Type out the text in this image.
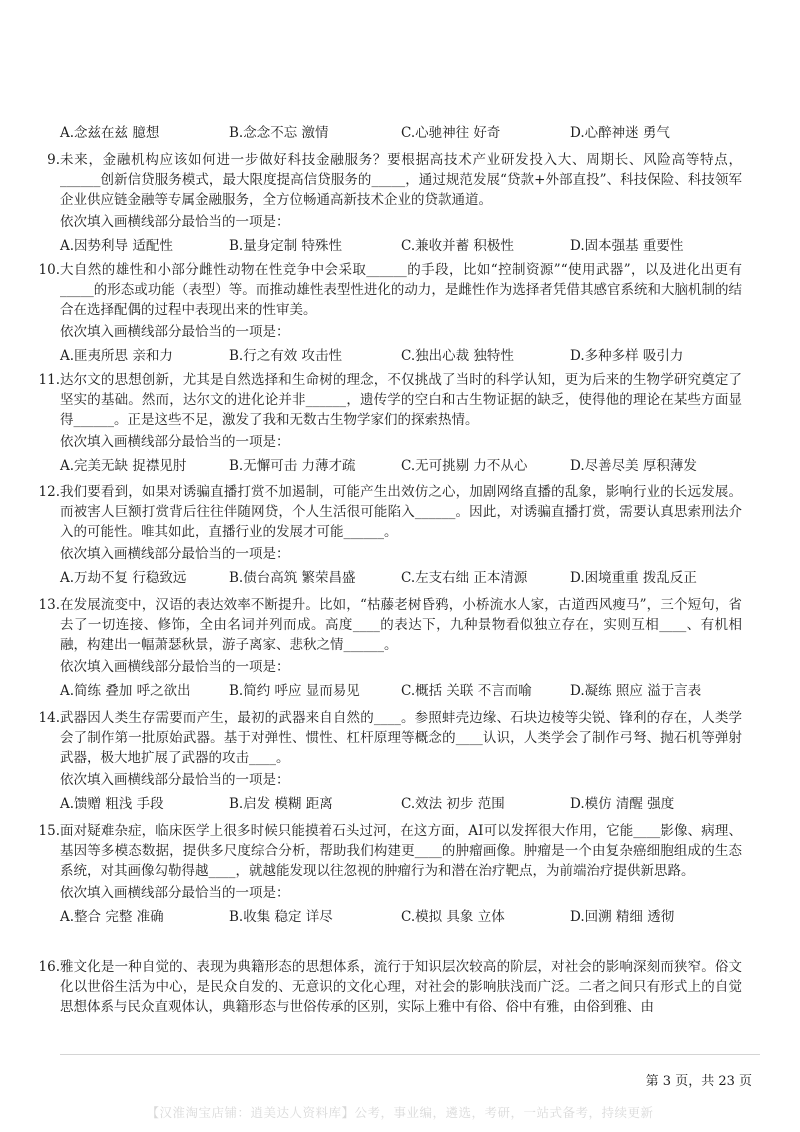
A.念兹在兹 臆想	B.念念不忘 激情	C.心驰神往 好奇	D.心醉神迷 勇气
9. 未来，金融机构应该如何进一步做好科技金融服务？要根据高技术产业研发投入大、周期长、风险高等特点，______创新信贷服务模式，最大限度提高信贷服务的_____，通过规范发展“贷款+外部直投”、科技保险、科技领军企业供应链金融等专属金融服务，全方位畅通高新技术企业的贷款通道。
依次填入画横线部分最恰当的一项是：
A.因势利导 适配性	B.量身定制 特殊性	C.兼收并蓄 积极性	D.固本强基 重要性
10. 大自然的雄性和小部分雌性动物在性竞争中会采取______的手段，比如“控制资源”“使用武器”，以及进化出更有_____的形态或功能（表型）等。而推动雄性表型性进化的动力，是雌性作为选择者凭借其感官系统和大脑机制的结合在选择配偶的过程中表现出来的性审美。
依次填入画横线部分最恰当的一项是：
A.匪夷所思 亲和力	B.行之有效 攻击性	C.独出心裁 独特性	D.多种多样 吸引力
11. 达尔文的思想创新，尤其是自然选择和生命树的理念，不仅挑战了当时的科学认知，更为后来的生物学研究奠定了坚实的基础。然而，达尔文的进化论并非______，遗传学的空白和古生物证据的缺乏，使得他的理论在某些方面显得______。正是这些不足，激发了我和无数古生物学家们的探索热情。
依次填入画横线部分最恰当的一项是：
A.完美无缺 捉襟见肘	B.无懈可击 力薄才疏	C.无可挑剔 力不从心	D.尽善尽美 厚积薄发
12. 我们要看到，如果对诱骗直播打赏不加遏制，可能产生出效仿之心，加剧网络直播的乱象，影响行业的长远发展。而被害人巨额打赏背后往往伴随网贷，个人生活很可能陷入______。因此，对诱骗直播打赏，需要认真思索刑法介入的可能性。唯其如此，直播行业的发展才可能______。
依次填入画横线部分最恰当的一项是：
A.万劫不复 行稳致远	B.债台高筑 繁荣昌盛	C.左支右绌 正本清源	D.困境重重 拨乱反正
13. 在发展流变中，汉语的表达效率不断提升。比如，“枯藤老树昏鸦，小桥流水人家，古道西风瘦马”，三个短句，省去了一切连接、修饰，全由名词并列而成。高度____的表达下，九种景物看似独立存在，实则互相____、有机相融，构建出一幅萧瑟秋景，游子离家、悲秋之情______。
依次填入画横线部分最恰当的一项是：
A.简练 叠加 呼之欲出	B.简约 呼应 显而易见	C.概括 关联 不言而喻	D.凝练 照应 溢于言表
14. 武器因人类生存需要而产生，最初的武器来自自然的____。参照蚌壳边缘、石块边棱等尖锐、锋利的存在，人类学会了制作第一批原始武器。基于对弹性、惯性、杠杆原理等概念的____认识，人类学会了制作弓弩、抛石机等弹射武器，极大地扩展了武器的攻击____。
依次填入画横线部分最恰当的一项是：
A.馈赠 粗浅 手段	B.启发 模糊 距离	C.效法 初步 范围	D.模仿 清醒 强度
15. 面对疑难杂症，临床医学上很多时候只能摸着石头过河，在这方面，AI可以发挥很大作用，它能____影像、病理、基因等多模态数据，提供多尺度综合分析，帮助我们构建更____的肿瘤画像。肿瘤是一个由复杂癌细胞组成的生态系统，对其画像勾勒得越____，就越能发现以往忽视的肿瘤行为和潜在治疗靶点，为前端治疗提供新思路。
依次填入画横线部分最恰当的一项是：
A.整合 完整 准确	B.收集 稳定 详尽	C.模拟 具象 立体	D.回溯 精细 透彻
16. 雅文化是一种自觉的、表现为典籍形态的思想体系，流行于知识层次较高的阶层，对社会的影响深刻而狭窄。俗文化以世俗生活为中心，是民众自发的、无意识的文化心理，对社会的影响肤浅而广泛。二者之间只有形式上的自觉思想体系与民众直观体认，典籍形态与世俗传承的区别，实际上雅中有俗、俗中有雅，由俗到雅、由
第 3 页，共 23 页
【汉淮淘宝店铺：逍美达人资料库】公考，事业编，遴选，考研，一站式备考，持续更新
